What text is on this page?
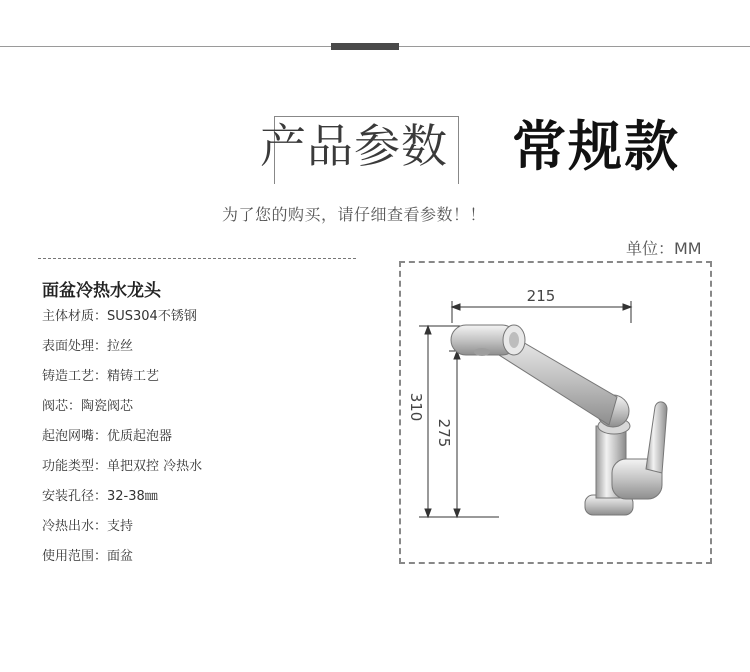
产品参数	常规款
为了您的购买，请仔细查看参数！！
单位：MM
面盆冷热水龙头
主体材质：SUS304不锈钢
表面处理：拉丝
铸造工艺：精铸工艺
阀芯：陶瓷阀芯
起泡网嘴：优质起泡器
功能类型：单把双控 冷热水
安装孔径：32-38㎜
冷热出水：支持
使用范围：面盆
215
310
275
